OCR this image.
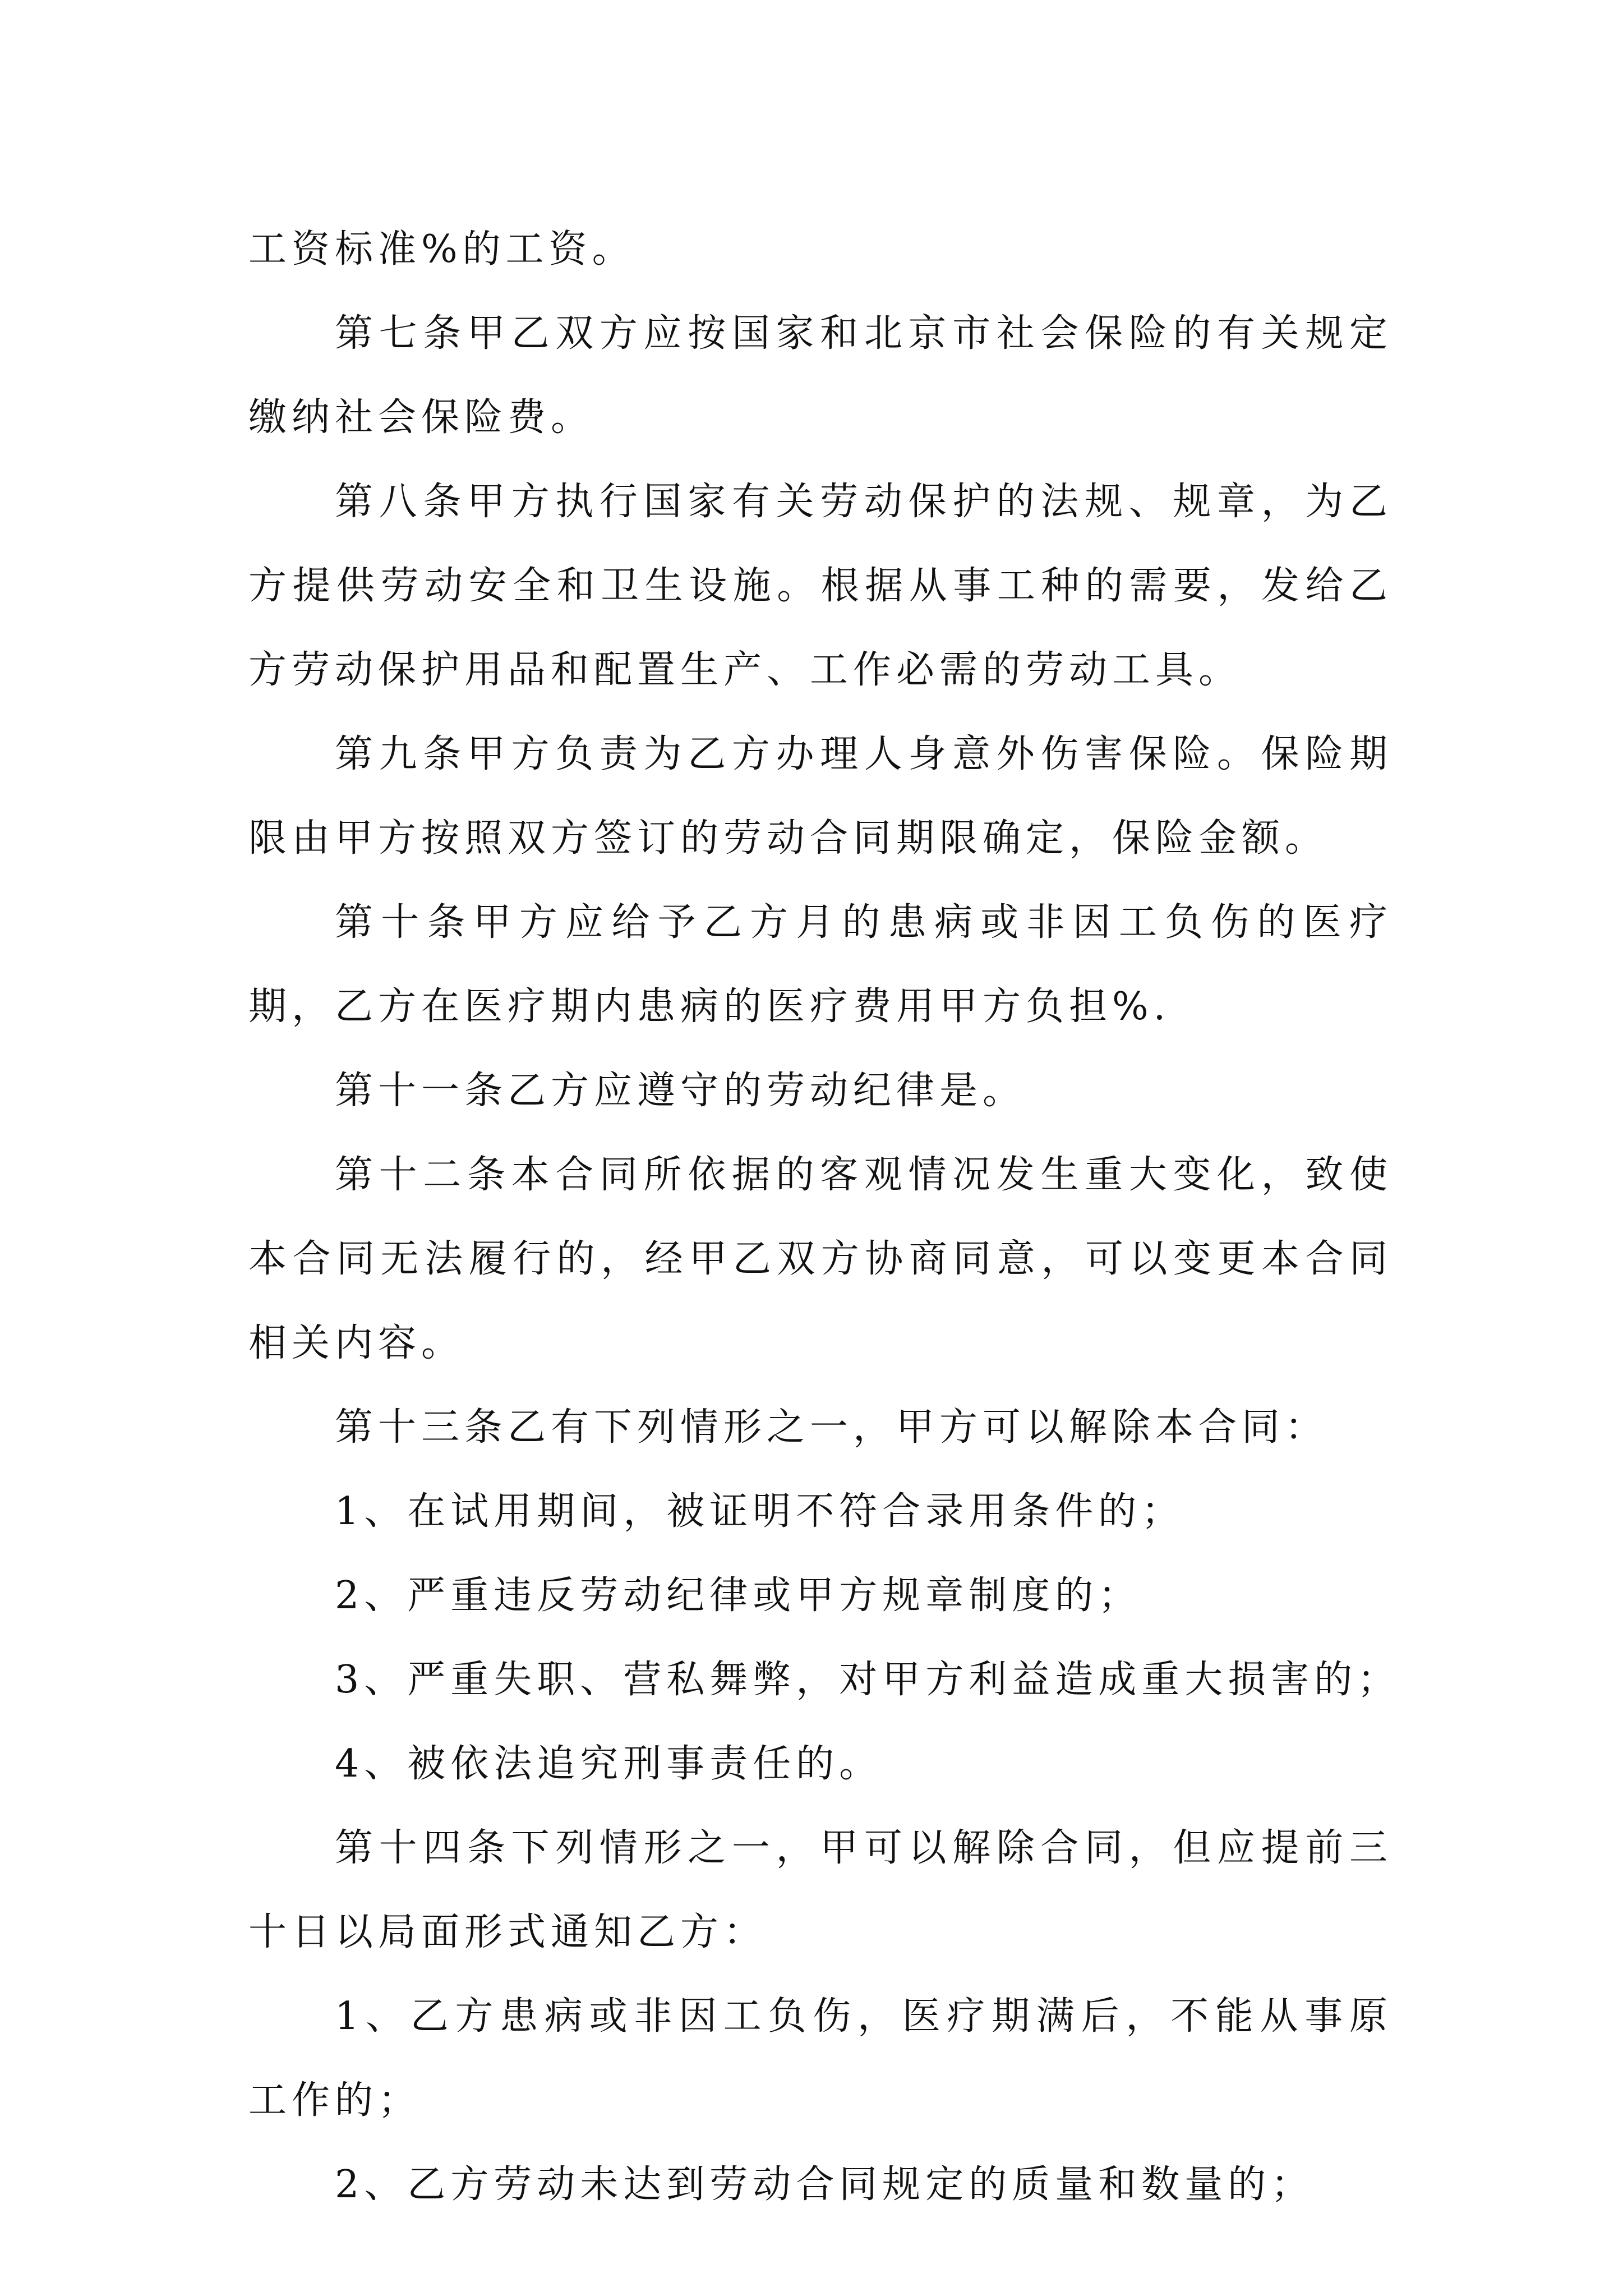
工资标准%的工资。

第七条甲乙双方应按国家和北京市社会保险的有关规定缴纳社会保险费。

第八条甲方执行国家有关劳动保护的法规、规章，为乙方提供劳动安全和卫生设施。根据从事工种的需要，发给乙方劳动保护用品和配置生产、工作必需的劳动工具。

第九条甲方负责为乙方办理人身意外伤害保险。保险期限由甲方按照双方签订的劳动合同期限确定，保险金额。

第十条甲方应给予乙方月的患病或非因工负伤的医疗期，乙方在医疗期内患病的医疗费用甲方负担%.

第十一条乙方应遵守的劳动纪律是。

第十二条本合同所依据的客观情况发生重大变化，致使本合同无法履行的，经甲乙双方协商同意，可以变更本合同相关内容。

第十三条乙有下列情形之一，甲方可以解除本合同：

1、在试用期间，被证明不符合录用条件的；

2、严重违反劳动纪律或甲方规章制度的；

3、严重失职、营私舞弊，对甲方利益造成重大损害的；

4、被依法追究刑事责任的。

第十四条下列情形之一，甲可以解除合同，但应提前三十日以局面形式通知乙方：

1、乙方患病或非因工负伤，医疗期满后，不能从事原工作的；

2、乙方劳动未达到劳动合同规定的质量和数量的；
